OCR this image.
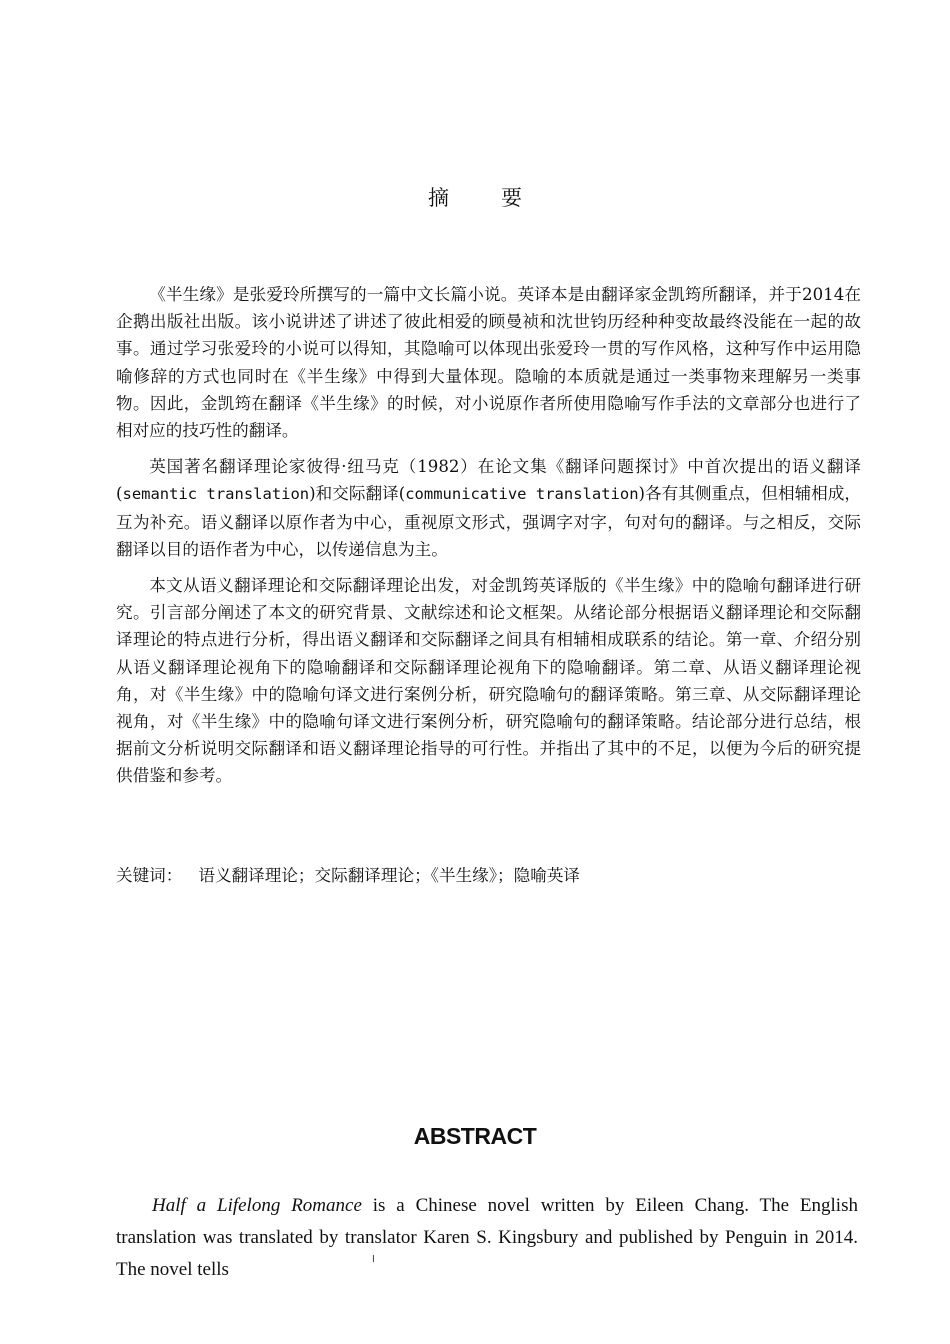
摘要

《半生缘》是张爱玲所撰写的一篇中文长篇小说。英译本是由翻译家金凯筠所翻译，并于2014在企鹅出版社出版。该小说讲述了讲述了彼此相爱的顾曼祯和沈世钧历经种种变故最终没能在一起的故事。通过学习张爱玲的小说可以得知，其隐喻可以体现出张爱玲一贯的写作风格，这种写作中运用隐喻修辞的方式也同时在《半生缘》中得到大量体现。隐喻的本质就是通过一类事物来理解另一类事物。因此，金凯筠在翻译《半生缘》的时候，对小说原作者所使用隐喻写作手法的文章部分也进行了相对应的技巧性的翻译。

英国著名翻译理论家彼得·纽马克（1982）在论文集《翻译问题探讨》中首次提出的语义翻译(semantic translation)和交际翻译(communicative translation)各有其侧重点，但相辅相成，互为补充。语义翻译以原作者为中心，重视原文形式，强调字对字，句对句的翻译。与之相反，交际翻译以目的语作者为中心，以传递信息为主。

本文从语义翻译理论和交际翻译理论出发，对金凯筠英译版的《半生缘》中的隐喻句翻译进行研究。引言部分阐述了本文的研究背景、文献综述和论文框架。从绪论部分根据语义翻译理论和交际翻译理论的特点进行分析，得出语义翻译和交际翻译之间具有相辅相成联系的结论。第一章、介绍分别从语义翻译理论视角下的隐喻翻译和交际翻译理论视角下的隐喻翻译。第二章、从语义翻译理论视角，对《半生缘》中的隐喻句译文进行案例分析，研究隐喻句的翻译策略。第三章、从交际翻译理论视角，对《半生缘》中的隐喻句译文进行案例分析，研究隐喻句的翻译策略。结论部分进行总结，根据前文分析说明交际翻译和语义翻译理论指导的可行性。并指出了其中的不足，以便为今后的研究提供借鉴和参考。

关键词： 语义翻译理论；交际翻译理论；《半生缘》；隐喻英译
ABSTRACT

Half a Lifelong Romance is a Chinese novel written by Eileen Chang. The English translation was translated by translator Karen S. Kingsbury and published by Penguin in 2014. The novel tells	I
